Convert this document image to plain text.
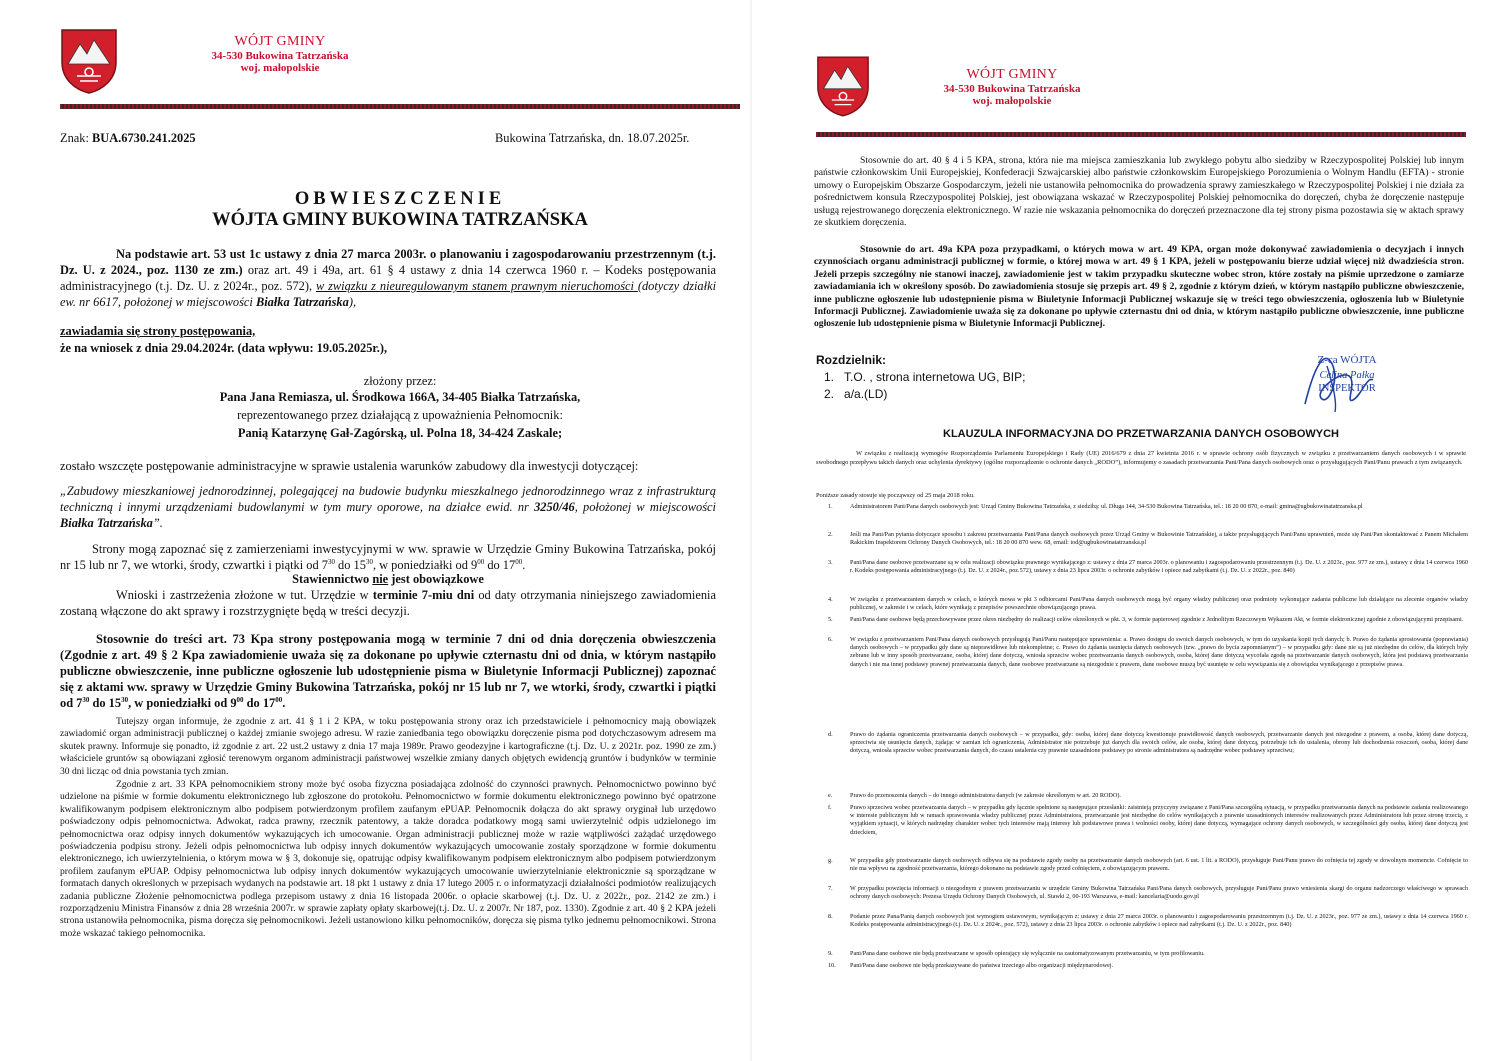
WÓJT GMINY
34-530 Bukowina Tatrzańska
woj. małopolskie

Znak: BUA.6730.241.2025	Bukowina Tatrzańska, dn. 18.07.2025r.

OBWIESZCZENIE

WÓJTA GMINY BUKOWINA TATRZAŃSKA

Na podstawie art. 53 ust 1c ustawy z dnia 27 marca 2003r. o planowaniu i zagospodarowaniu przestrzennym (t.j. Dz. U. z 2024., poz. 1130 ze zm.) oraz art. 49 i 49a, art. 61 § 4 ustawy z dnia 14 czerwca 1960 r. – Kodeks postępowania administracyjnego (t.j. Dz. U. z 2024r., poz. 572), w związku z nieuregulowanym stanem prawnym nieruchomości (dotyczy działki ew. nr 6617, położonej w miejscowości Białka Tatrzańska),

zawiadamia się strony postępowania,

że na wniosek z dnia 29.04.2024r. (data wpływu: 19.05.2025r.),

złożony przez:

Pana Jana Remiasza, ul. Środkowa 166A, 34-405 Białka Tatrzańska,

reprezentowanego przez działającą z upoważnienia Pełnomocnik:

Panią Katarzynę Gał-Zagórską, ul. Polna 18, 34-424 Zaskale;

zostało wszczęte postępowanie administracyjne w sprawie ustalenia warunków zabudowy dla inwestycji dotyczącej:

„Zabudowy mieszkaniowej jednorodzinnej, polegającej na budowie budynku mieszkalnego jednorodzinnego wraz z infrastrukturą techniczną i innymi urządzeniami budowlanymi w tym mury oporowe, na działce ewid. nr 3250/46, położonej w miejscowości Białka Tatrzańska”.

Strony mogą zapoznać się z zamierzeniami inwestycyjnymi w ww. sprawie w Urzędzie Gminy Bukowina Tatrzańska, pokój nr 15 lub nr 7, we wtorki, środy, czwartki i piątki od $7^{30}$ do $15^{30}$, w poniedziałki od $9^{00}$ do $17^{00}$.

Stawiennictwo nie jest obowiązkowe

Wnioski i zastrzeżenia złożone w tut. Urzędzie w terminie 7-miu dni od daty otrzymania niniejszego zawiadomienia zostaną włączone do akt sprawy i rozstrzygnięte będą w treści decyzji.

Stosownie do treści art. 73 Kpa strony postępowania mogą w terminie 7 dni od dnia doręczenia obwieszczenia (Zgodnie z art. 49 § 2 Kpa zawiadomienie uważa się za dokonane po upływie czternastu dni od dnia, w którym nastąpiło publiczne obwieszczenie, inne publiczne ogłoszenie lub udostępnienie pisma w Biuletynie Informacji Publicznej) zapoznać się z aktami ww. sprawy w Urzędzie Gminy Bukowina Tatrzańska, pokój nr 15 lub nr 7, we wtorki, środy, czwartki i piątki od $7^{30}$ do $15^{30}$, w poniedziałki od $9^{00}$ do $17^{00}$.

Tutejszy organ informuje, że zgodnie z art. 41 § 1 i 2 KPA, w toku postępowania strony oraz ich przedstawiciele i pełnomocnicy mają obowiązek zawiadomić organ administracji publicznej o każdej zmianie swojego adresu. W razie zaniedbania tego obowiązku doręczenie pisma pod dotychczasowym adresem ma skutek prawny. Informuje się ponadto, iż zgodnie z art. 22 ust.2 ustawy z dnia 17 maja 1989r. Prawo geodezyjne i kartograficzne (t.j. Dz. U. z 2021r. poz. 1990 ze zm.) właściciele gruntów są obowiązani zgłosić terenowym organom administracji państwowej wszelkie zmiany danych objętych ewidencją gruntów i budynków w terminie 30 dni licząc od dnia powstania tych zmian.

Zgodnie z art. 33 KPA pełnomocnikiem strony może być osoba fizyczna posiadająca zdolność do czynności prawnych. Pełnomocnictwo powinno być udzielone na piśmie w formie dokumentu elektronicznego lub zgłoszone do protokołu. Pełnomocnictwo w formie dokumentu elektronicznego powinno być opatrzone kwalifikowanym podpisem elektronicznym albo podpisem potwierdzonym profilem zaufanym ePUAP. Pełnomocnik dołącza do akt sprawy oryginał lub urzędowo poświadczony odpis pełnomocnictwa. Adwokat, radca prawny, rzecznik patentowy, a także doradca podatkowy mogą sami uwierzytelnić odpis udzielonego im pełnomocnictwa oraz odpisy innych dokumentów wykazujących ich umocowanie. Organ administracji publicznej może w razie wątpliwości zażądać urzędowego poświadczenia podpisu strony. Jeżeli odpis pełnomocnictwa lub odpisy innych dokumentów wykazujących umocowanie zostały sporządzone w formie dokumentu elektronicznego, ich uwierzytelnienia, o którym mowa w § 3, dokonuje się, opatrując odpisy kwalifikowanym podpisem elektronicznym albo podpisem potwierdzonym profilem zaufanym ePUAP. Odpisy pełnomocnictwa lub odpisy innych dokumentów wykazujących umocowanie uwierzytelnianie elektronicznie są sporządzane w formatach danych określonych w przepisach wydanych na podstawie art. 18 pkt 1 ustawy z dnia 17 lutego 2005 r. o informatyzacji działalności podmiotów realizujących zadania publiczne Złożenie pełnomocnictwa podlega przepisom ustawy z dnia 16 listopada 2006r. o opłacie skarbowej (t.j. Dz. U. z 2022r., poz. 2142 ze zm.) i rozporządzeniu Ministra Finansów z dnia 28 września 2007r. w sprawie zapłaty opłaty skarbowej(t.j. Dz. U. z 2007r. Nr 187, poz. 1330). Zgodnie z art. 40 § 2 KPA jeżeli strona ustanowiła pełnomocnika, pisma doręcza się pełnomocnikowi. Jeżeli ustanowiono kilku pełnomocników, doręcza się pisma tylko jednemu pełnomocnikowi. Strona może wskazać takiego pełnomocnika.

WÓJT GMINY
34-530 Bukowina Tatrzańska
woj. małopolskie

Stosownie do art. 40 § 4 i 5 KPA, strona, która nie ma miejsca zamieszkania lub zwykłego pobytu albo siedziby w Rzeczypospolitej Polskiej lub innym państwie członkowskim Unii Europejskiej, Konfederacji Szwajcarskiej albo państwie członkowskim Europejskiego Porozumienia o Wolnym Handlu (EFTA) - stronie umowy o Europejskim Obszarze Gospodarczym, jeżeli nie ustanowiła pełnomocnika do prowadzenia sprawy zamieszkałego w Rzeczypospolitej Polskiej i nie działa za pośrednictwem konsula Rzeczypospolitej Polskiej, jest obowiązana wskazać w Rzeczypospolitej Polskiej pełnomocnika do doręczeń, chyba że doręczenie następuje usługą rejestrowanego doręczenia elektronicznego. W razie nie wskazania pełnomocnika do doręczeń przeznaczone dla tej strony pisma pozostawia się w aktach sprawy ze skutkiem doręczenia.

Stosownie do art. 49a KPA poza przypadkami, o których mowa w art. 49 KPA, organ może dokonywać zawiadomienia o decyzjach i innych czynnościach organu administracji publicznej w formie, o której mowa w art. 49 § 1 KPA, jeżeli w postępowaniu bierze udział więcej niż dwadzieścia stron. Jeżeli przepis szczególny nie stanowi inaczej, zawiadomienie jest w takim przypadku skuteczne wobec stron, które zostały na piśmie uprzedzone o zamiarze zawiadamiania ich w określony sposób. Do zawiadomienia stosuje się przepis art. 49 § 2, zgodnie z którym dzień, w którym nastąpiło publiczne obwieszczenie, inne publiczne ogłoszenie lub udostępnienie pisma w Biuletynie Informacji Publicznej wskazuje się w treści tego obwieszczenia, ogłoszenia lub w Biuletynie Informacji Publicznej. Zawiadomienie uważa się za dokonane po upływie czternastu dni od dnia, w którym nastąpiło publiczne obwieszczenie, inne publiczne ogłoszenie lub udostępnienie pisma w Biuletynie Informacji Publicznej.

Rozdzielnik:

1.   T.O. , strona internetowa UG, BIP;

2.   a/a.(LD)

Z-ca WÓJTA
Celina Pałka
INSPEKTOR

KLAUZULA INFORMACYJNA DO PRZETWARZANIA DANYCH OSOBOWYCH

W związku z realizacją wymogów Rozporządzenia Parlamentu Europejskiego i Rady (UE) 2016/679 z dnia 27 kwietnia 2016 r. w sprawie ochrony osób fizycznych w związku z przetwarzaniem danych osobowych i w sprawie swobodnego przepływu takich danych oraz uchylenia dyrektywy (ogólne rozporządzenie o ochronie danych „RODO”), informujemy o zasadach przetwarzania Pani/Pana danych osobowych oraz o przysługujących Pani/Panu prawach z tym związanych.

Poniższe zasady stosuje się począwszy od 25 maja 2018 roku.

1.	Administratorem Pani/Pana danych osobowych jest: Urząd Gminy Bukowina Tatrzańska, z siedzibą: ul. Długa 144, 34-530 Bukowina Tatrzańska, tel.: 18 20 00 870, e-mail: gmina@ugbukowinatatrzanska.pl
2.	Jeśli ma Pani/Pan pytania dotyczące sposobu i zakresu przetwarzania Pani/Pana danych osobowych przez Urząd Gminy w Bukowinie Tatrzańskiej, a także przysługujących Pani/Panu uprawnień, może się Pani/Pan skontaktować z Panem Michałem Rakickim Inspektorem Ochrony Danych Osobowych, tel.: 18 20 00 870 wew. 68, email: iod@ugbukowinatatrzanska.pl
3.	Pani/Pana dane osobowe przetwarzane są w celu realizacji obowiązku prawnego wynikającego z: ustawy z dnia 27 marca 2003r. o planowaniu i zagospodarowaniu przestrzennym (t.j. Dz. U. z 2023r., poz. 977 ze zm.), ustawy z dnia 14 czerwca 1960 r. Kodeks postępowania administracyjnego (t.j. Dz. U. z 2024r., poz.572), ustawy z dnia 23 lipca 2003r. o ochronie zabytków i opiece nad zabytkami (t.j. Dz. U. z 2022r., poz. 840)
4.	W związku z przetwarzaniem danych w celach, o których mowa w pkt 3 odbiorcami Pani/Pana danych osobowych mogą być organy władzy publicznej oraz podmioty wykonujące zadania publiczne lub działające na zlecenie organów władzy publicznej, w zakresie i w celach, które wynikają z przepisów powszechnie obowiązującego prawa.
5.	Pani/Pana dane osobowe będą przechowywane przez okres niezbędny do realizacji celów określonych w pkt. 3, w formie papierowej zgodnie z Jednolitym Rzeczowym Wykazem Akt, w formie elektronicznej zgodnie z obowiązującymi przepisami.
6.	W związku z przetwarzaniem Pani/Pana danych osobowych przysługują Pani/Panu następujące uprawnienia: a. Prawo dostępu do swoich danych osobowych, w tym do uzyskania kopii tych danych; b. Prawo do żądania sprostowania (poprawiania) danych osobowych – w przypadku gdy dane są nieprawidłowe lub niekompletne; c. Prawo do żądania usunięcia danych osobowych (tzw. „prawo do bycia zapomnianym”) – w przypadku gdy: dane nie są już niezbędne do celów, dla których były zebrane lub w inny sposób przetwarzane, osoba, której dane dotyczą, wniosła sprzeciw wobec przetwarzania danych osobowych, osoba, której dane dotyczą wycofała zgodę na przetwarzanie danych osobowych, która jest podstawą przetwarzania danych i nie ma innej podstawy prawnej przetwarzania danych, dane osobowe przetwarzane są niezgodnie z prawem, dane osobowe muszą być usunięte w celu wywiązania się z obowiązku wynikającego z przepisów prawa.
d.	Prawo do żądania ograniczenia przetwarzania danych osobowych – w przypadku, gdy: osoba, której dane dotyczą kwestionuje prawidłowość danych osobowych, przetwarzanie danych jest niezgodne z prawem, a osoba, której dane dotyczą, sprzeciwia się usunięciu danych, żądając w zamian ich ograniczenia, Administrator nie potrzebuje już danych dla swoich celów, ale osoba, której dane dotyczą, potrzebuje ich do ustalenia, obrony lub dochodzenia roszczeń, osoba, której dane dotyczą, wniosła sprzeciw wobec przetwarzania danych, do czasu ustalenia czy prawnie uzasadnione podstawy po stronie administratora są nadrzędne wobec podstawy sprzeciwu;
e.	Prawo do przenoszenia danych – do innego administratora danych (w zakresie określonym w art. 20 RODO).
f.	Prawo sprzeciwu wobec przetwarzania danych – w przypadku gdy łącznie spełnione są następujące przesłanki: zaistnieją przyczyny związane z Pani/Pana szczególną sytuacją, w przypadku przetwarzania danych na podstawie zadania realizowanego w interesie publicznym lub w ramach sprawowania władzy publicznej przez Administratora, przetwarzanie jest niezbędne do celów wynikających z prawnie uzasadnionych interesów realizowanych przez Administratora lub przez stronę trzecią, z wyjątkiem sytuacji, w których nadrzędny charakter wobec tych interesów mają interesy lub podstawowe prawa i wolności osoby, której dane dotyczą, wymagające ochrony danych osobowych, w szczególności gdy osoba, której dane dotyczą jest dzieckiem,
g.	W przypadku gdy przetwarzanie danych osobowych odbywa się na podstawie zgody osoby na przetwarzanie danych osobowych (art. 6 ust. 1 lit. a RODO), przysługuje Pani/Panu prawo do cofnięcia tej zgody w dowolnym momencie. Cofnięcie to nie ma wpływu na zgodność przetwarzania, którego dokonano na podstawie zgody przed cofnięciem, z obowiązującym prawem.
7.	W przypadku powzięcia informacji o niezgodnym z prawem przetwarzaniu w urzędzie Gminy Bukowina Tatrzańska Pani/Pana danych osobowych, przysługuje Pani/Panu prawo wniesienia skargi do organu nadzorczego właściwego w sprawach ochrony danych osobowych: Prezesa Urzędu Ochrony Danych Osobowych, ul. Stawki 2, 00-193 Warszawa, e-mail: kancelaria@uodo.gov.pl
8.	Podanie przez Pana/Panią danych osobowych jest wymogiem ustawowym, wynikającym z: ustawy z dnia 27 marca 2003r. o planowaniu i zagospodarowaniu przestrzennym (t.j. Dz. U. z 2023r., poz. 977 ze zm.), ustawy z dnia 14 czerwca 1960 r. Kodeks postępowania administracyjnego (t.j. Dz. U. z 2024r., poz. 572), ustawy z dnia 23 lipca 2003r. o ochronie zabytków i opiece nad zabytkami (t.j. Dz. U. z 2022r., poz. 840)
9.	Pani/Pana dane osobowe nie będą przetwarzane w sposób opierający się wyłącznie na zautomatyzowanym przetwarzaniu, w tym profilowaniu.
10.	Pani/Pana dane osobowe nie będą przekazywane do państwa trzeciego albo organizacji międzynarodowej.
